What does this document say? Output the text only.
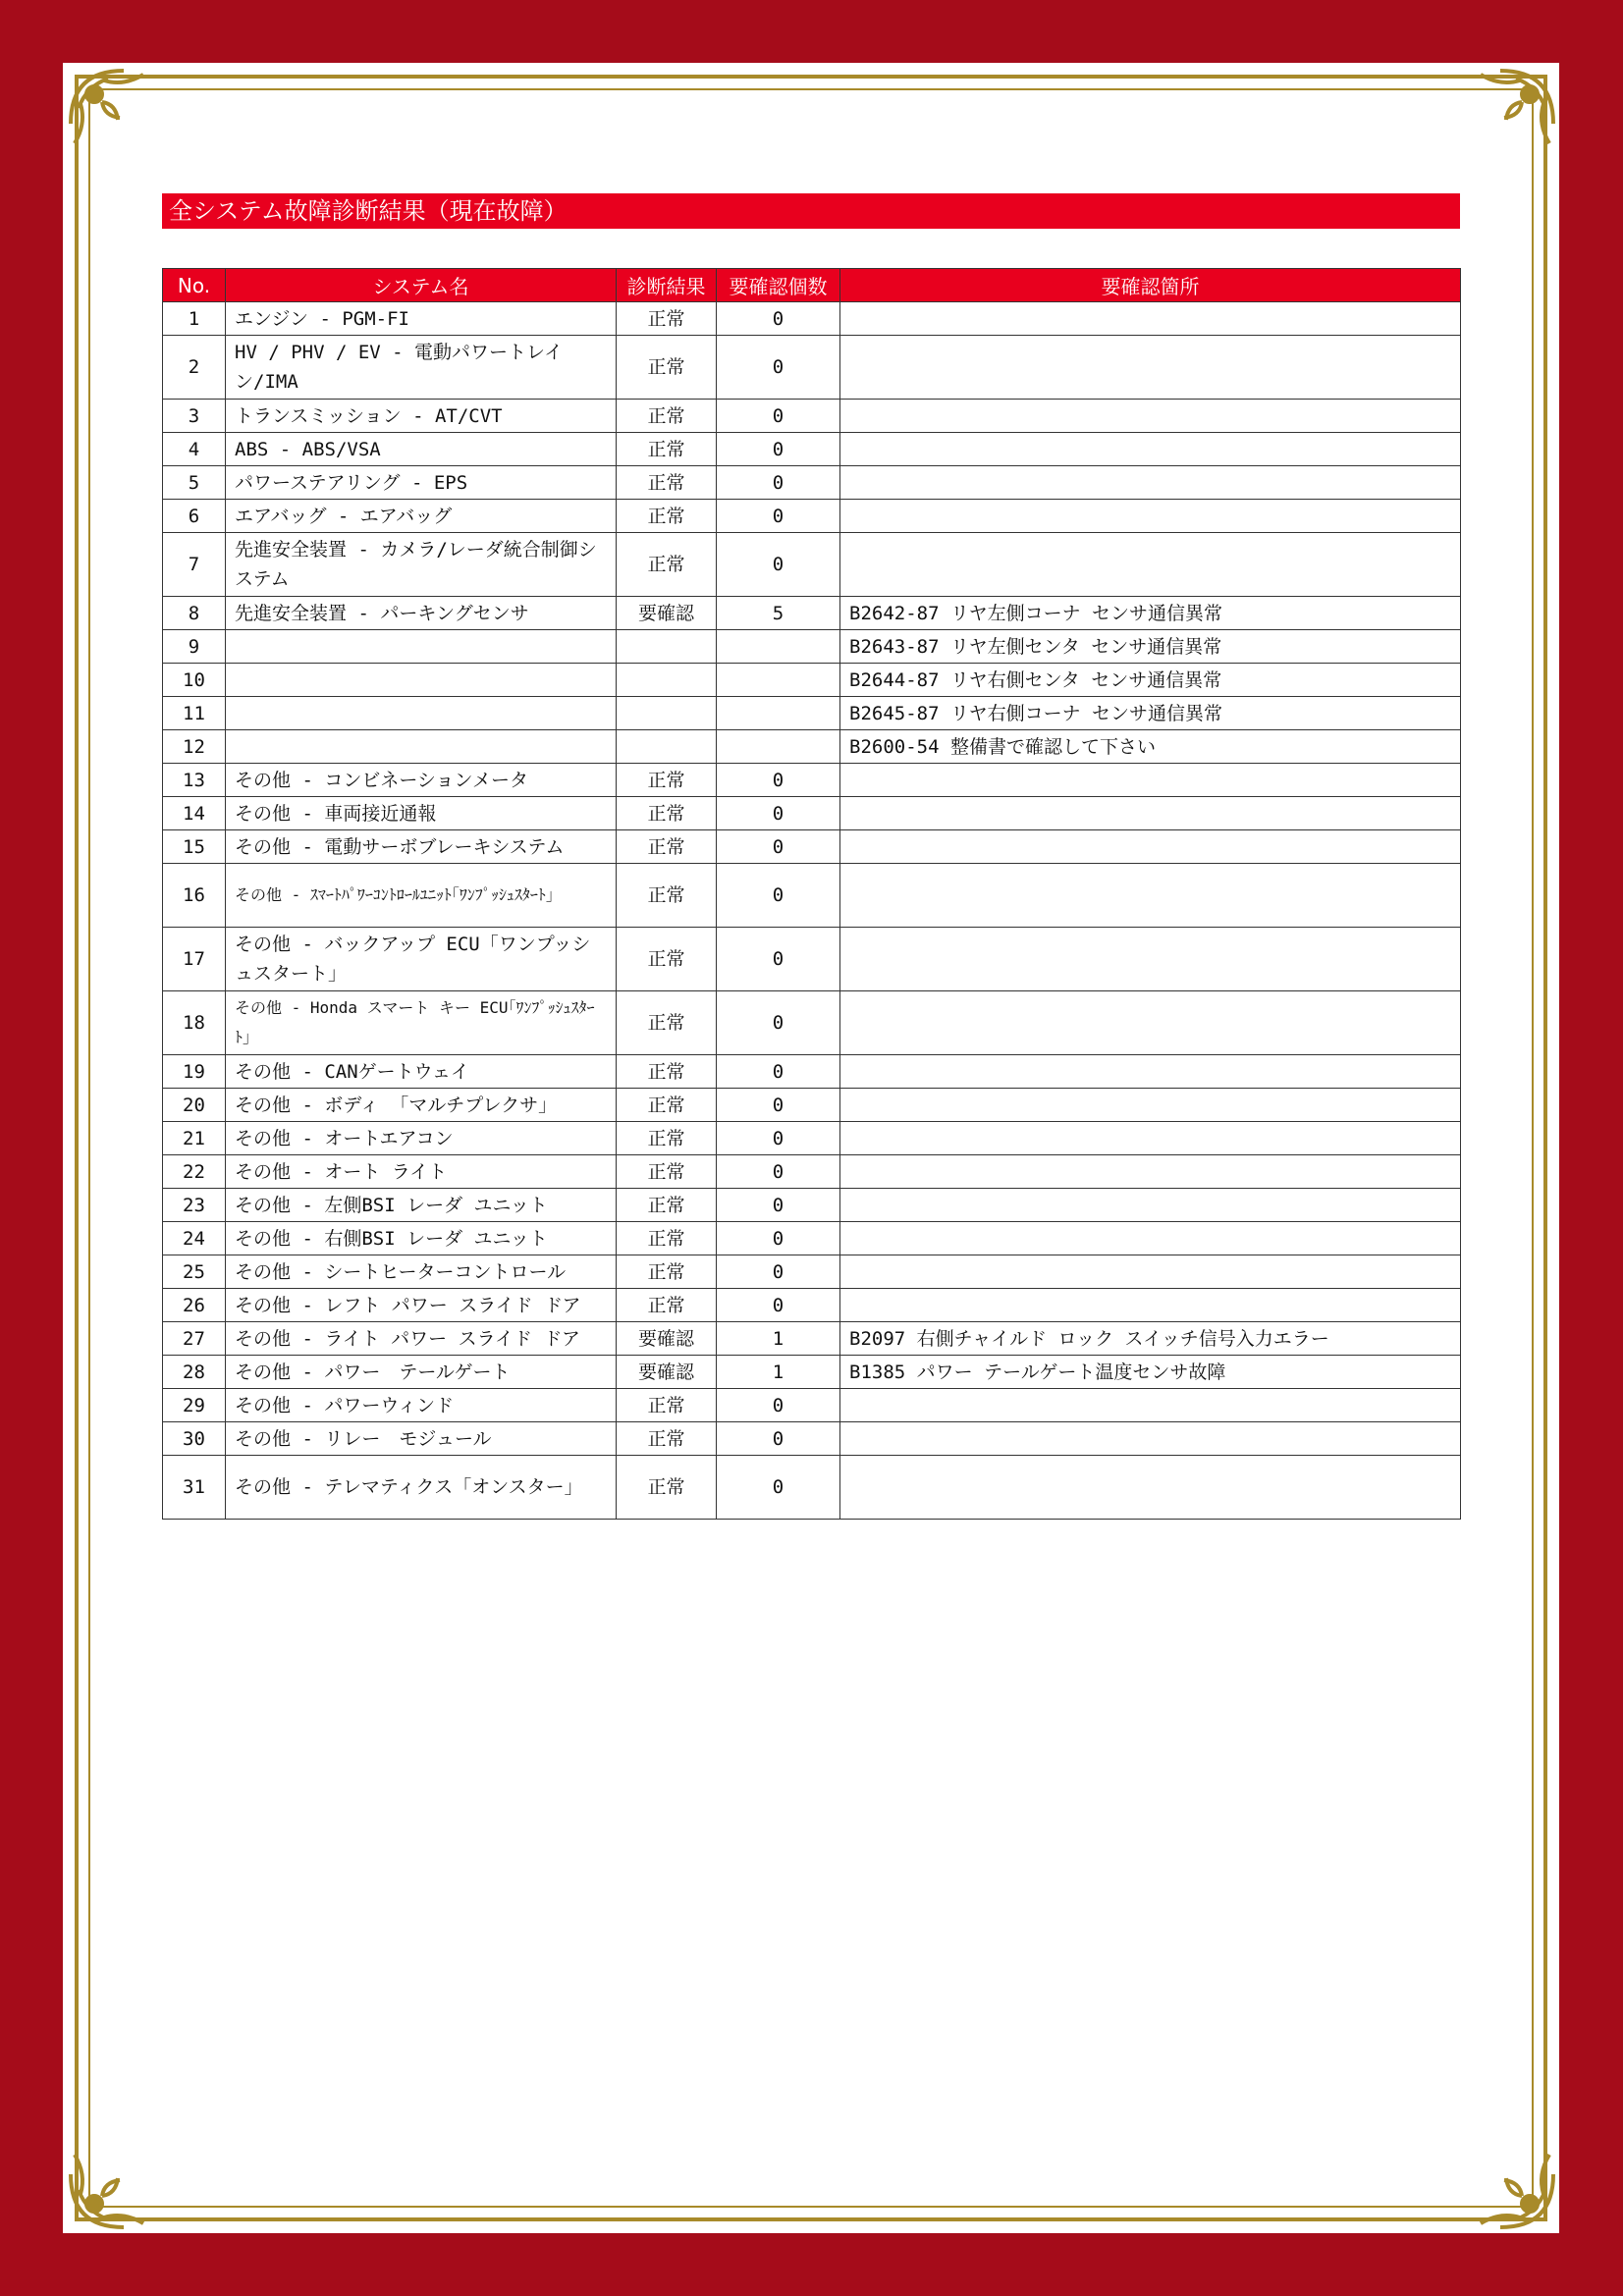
全システム故障診断結果（現在故障）
No.	システム名	診断結果	要確認個数	要確認箇所
1	エンジン - PGM-FI	正常	0	
2	HV / PHV / EV - 電動パワートレイン/IMA	正常	0	
3	トランスミッション - AT/CVT	正常	0	
4	ABS - ABS/VSA	正常	0	
5	パワーステアリング - EPS	正常	0	
6	エアバッグ - エアバッグ	正常	0	
7	先進安全装置 - カメラ/レーダ統合制御システム	正常	0	
8	先進安全装置 - パーキングセンサ	要確認	5	B2642-87 リヤ左側コーナ センサ通信異常
9				B2643-87 リヤ左側センタ センサ通信異常
10				B2644-87 リヤ右側センタ センサ通信異常
11				B2645-87 リヤ右側コーナ センサ通信異常
12				B2600-54 整備書で確認して下さい
13	その他 - コンビネーションメータ	正常	0	
14	その他 - 車両接近通報	正常	0	
15	その他 - 電動サーボブレーキシステム	正常	0	
16	その他 - ｽﾏｰﾄﾊﾟﾜｰｺﾝﾄﾛｰﾙﾕﾆｯﾄ｢ﾜﾝﾌﾟｯｼｭｽﾀｰﾄ｣	正常	0	
17	その他 - バックアップ ECU「ワンプッシュスタート」	正常	0	
18	その他 - Honda スマート キー ECU｢ﾜﾝﾌﾟｯｼｭｽﾀｰﾄ｣	正常	0	
19	その他 - CANゲートウェイ	正常	0	
20	その他 - ボディ 「マルチプレクサ」	正常	0	
21	その他 - オートエアコン	正常	0	
22	その他 - オート ライト	正常	0	
23	その他 - 左側BSI レーダ ユニット	正常	0	
24	その他 - 右側BSI レーダ ユニット	正常	0	
25	その他 - シートヒーターコントロール	正常	0	
26	その他 - レフト パワー スライド ドア	正常	0	
27	その他 - ライト パワー スライド ドア	要確認	1	B2097 右側チャイルド ロック スイッチ信号入力エラー
28	その他 - パワー　テールゲート	要確認	1	B1385 パワー テールゲート温度センサ故障
29	その他 - パワーウィンド	正常	0	
30	その他 - リレー　モジュール	正常	0	
31	その他 - テレマティクス「オンスター」	正常	0	
